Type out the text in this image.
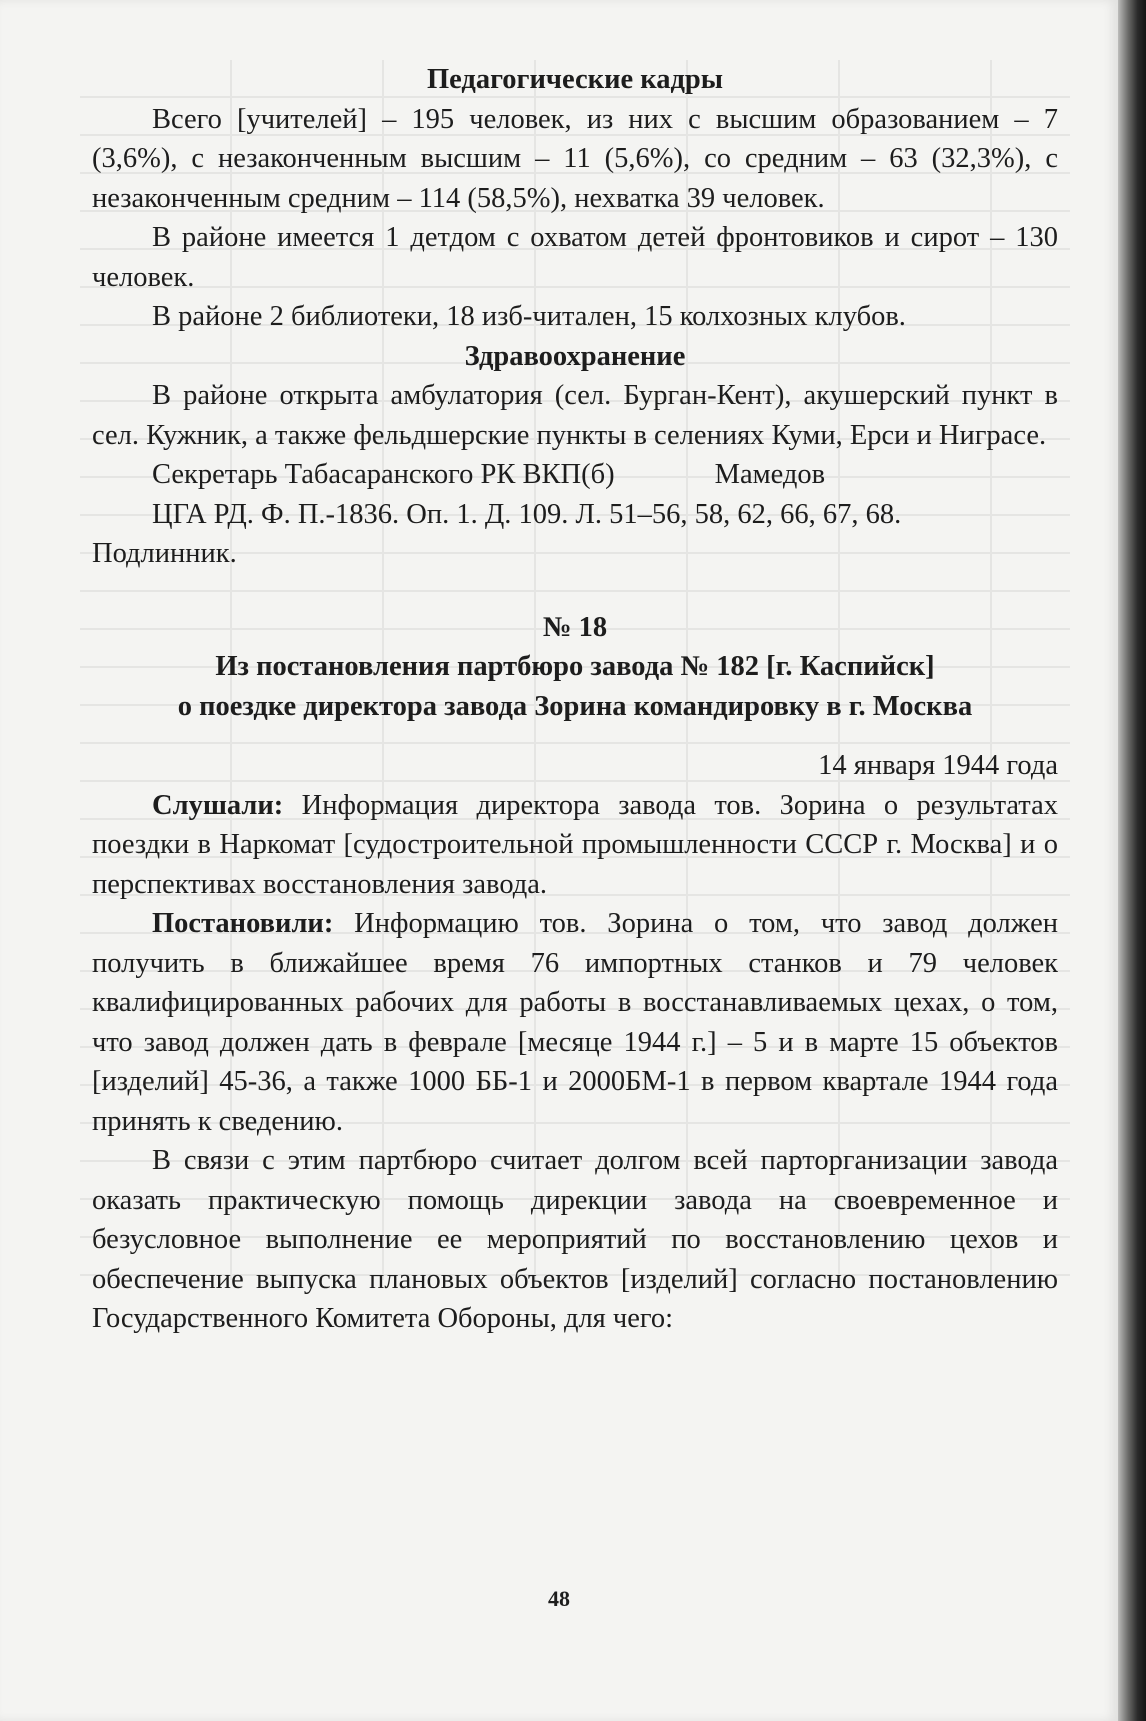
Педагогические кадры

Всего [учителей] – 195 человек, из них с высшим образованием – 7 (3,6%), с незаконченным высшим – 11 (5,6%), со средним – 63 (32,3%), с незаконченным средним – 114 (58,5%), нехватка 39 человек.

В районе имеется 1 детдом с охватом детей фронтовиков и сирот – 130 человек.

В районе 2 библиотеки, 18 изб-читален, 15 колхозных клубов.

Здравоохранение

В районе открыта амбулатория (сел. Бурган-Кент), акушерский пункт в сел. Кужник, а также фельдшерские пункты в селениях Куми, Ерси и Ниграсе.

Секретарь Табасаранского РК ВКП(б)	Мамедов

ЦГА РД. Ф. П.-1836. Оп. 1. Д. 109. Л. 51–56, 58, 62, 66, 67, 68.

Подлинник.

№ 18

Из постановления партбюро завода № 182 [г. Каспийск]

о поездке директора завода Зорина командировку в г. Москва

14 января 1944 года

Слушали: Информация директора завода тов. Зорина о результатах поездки в Наркомат [судостроительной промышленности СССР г. Москва] и о перспективах восстановления завода.

Постановили: Информацию тов. Зорина о том, что завод должен получить в ближайшее время 76 импортных станков и 79 человек квалифицированных рабочих для работы в восстанавливаемых цехах, о том, что завод должен дать в феврале [месяце 1944 г.] – 5 и в марте 15 объектов [изделий] 45-36, а также 1000 ББ-1 и 2000БМ-1 в первом квартале 1944 года принять к сведению.

В связи с этим партбюро считает долгом всей парторганизации завода оказать практическую помощь дирекции завода на своевременное и безусловное выполнение ее мероприятий по восстановлению цехов и обеспечение выпуска плановых объектов [изделий] согласно постановлению Государственного Комитета Обороны, для чего:

48
